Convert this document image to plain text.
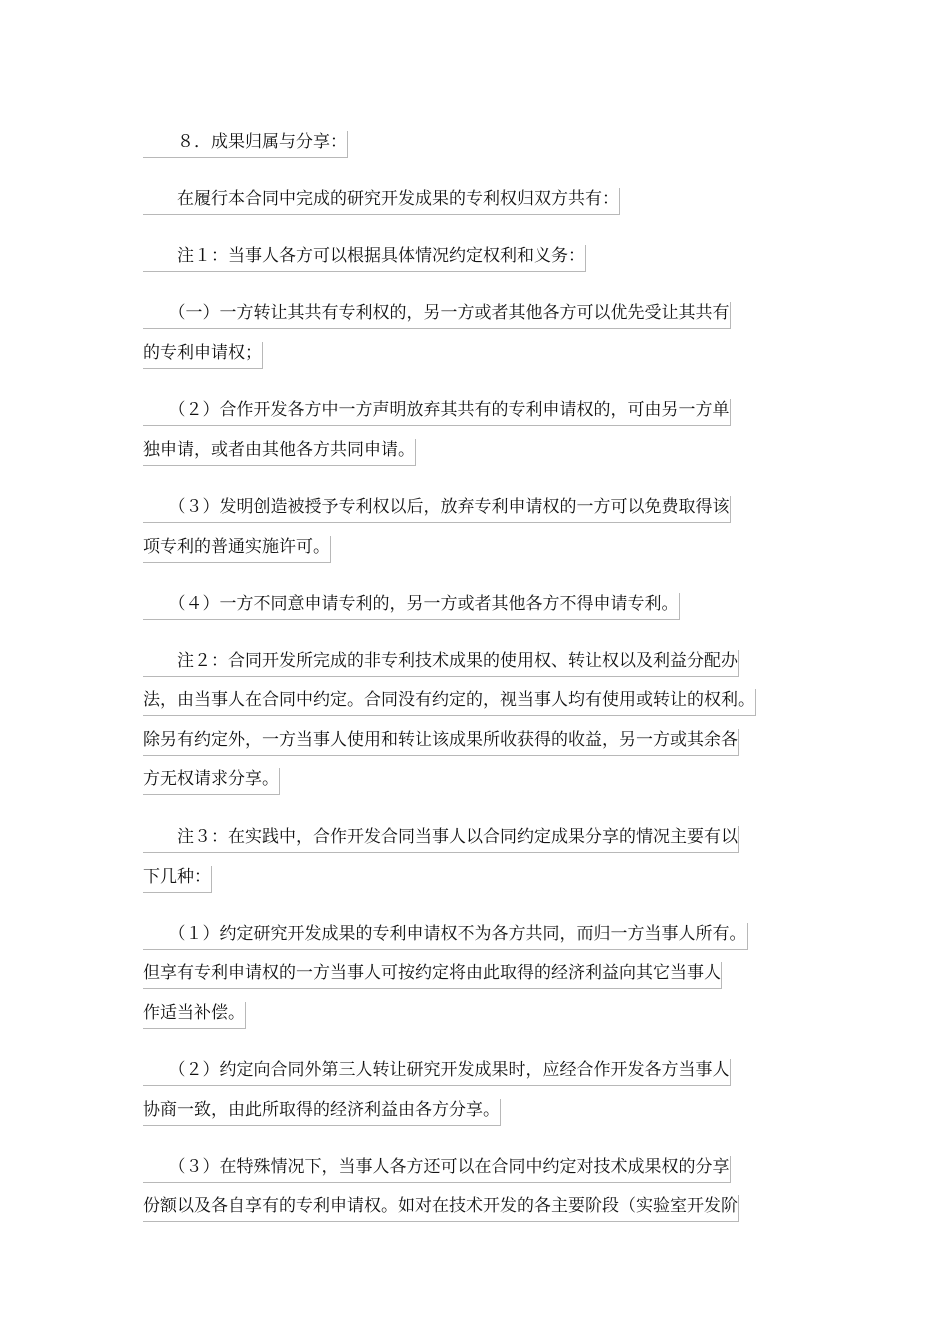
　　８．成果归属与分享：
　　在履行本合同中完成的研究开发成果的专利权归双方共有：
　　注１：当事人各方可以根据具体情况约定权利和义务：
　　（一）一方转让其共有专利权的，另一方或者其他各方可以优先受让其共有
的专利申请权；
　　（２）合作开发各方中一方声明放弃其共有的专利申请权的，可由另一方单
独申请，或者由其他各方共同申请。
　　（３）发明创造被授予专利权以后，放弃专利申请权的一方可以免费取得该
项专利的普通实施许可。
　　（４）一方不同意申请专利的，另一方或者其他各方不得申请专利。
　　注２：合同开发所完成的非专利技术成果的使用权、转让权以及利益分配办
法，由当事人在合同中约定。合同没有约定的，视当事人均有使用或转让的权利。
除另有约定外，一方当事人使用和转让该成果所收获得的收益，另一方或其余各
方无权请求分享。
　　注３：在实践中，合作开发合同当事人以合同约定成果分享的情况主要有以
下几种：
　　（１）约定研究开发成果的专利申请权不为各方共同，而归一方当事人所有。
但享有专利申请权的一方当事人可按约定将由此取得的经济利益向其它当事人
作适当补偿。
　　（２）约定向合同外第三人转让研究开发成果时，应经合作开发各方当事人
协商一致，由此所取得的经济利益由各方分享。
　　（３）在特殊情况下，当事人各方还可以在合同中约定对技术成果权的分享
份额以及各自享有的专利申请权。如对在技术开发的各主要阶段（实验室开发阶
